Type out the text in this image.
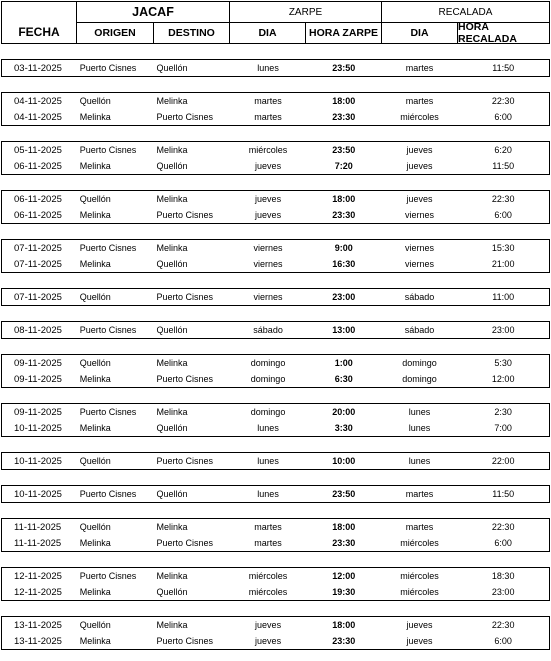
FECHA
JACAF	ZARPE	RECALADA
ORIGEN	DESTINO	DIA	HORA ZARPE	DIA	HORA RECALADA
03-11-2025	Puerto Cisnes	Quellón	lunes	23:50	martes	11:50
04-11-2025	Quellón	Melinka	martes	18:00	martes	22:30
04-11-2025	Melinka	Puerto Cisnes	martes	23:30	miércoles	6:00
05-11-2025	Puerto Cisnes	Melinka	miércoles	23:50	jueves	6:20
06-11-2025	Melinka	Quellón	jueves	7:20	jueves	11:50
06-11-2025	Quellón	Melinka	jueves	18:00	jueves	22:30
06-11-2025	Melinka	Puerto Cisnes	jueves	23:30	viernes	6:00
07-11-2025	Puerto Cisnes	Melinka	viernes	9:00	viernes	15:30
07-11-2025	Melinka	Quellón	viernes	16:30	viernes	21:00
07-11-2025	Quellón	Puerto Cisnes	viernes	23:00	sábado	11:00
08-11-2025	Puerto Cisnes	Quellón	sábado	13:00	sábado	23:00
09-11-2025	Quellón	Melinka	domingo	1:00	domingo	5:30
09-11-2025	Melinka	Puerto Cisnes	domingo	6:30	domingo	12:00
09-11-2025	Puerto Cisnes	Melinka	domingo	20:00	lunes	2:30
10-11-2025	Melinka	Quellón	lunes	3:30	lunes	7:00
10-11-2025	Quellón	Puerto Cisnes	lunes	10:00	lunes	22:00
10-11-2025	Puerto Cisnes	Quellón	lunes	23:50	martes	11:50
11-11-2025	Quellón	Melinka	martes	18:00	martes	22:30
11-11-2025	Melinka	Puerto Cisnes	martes	23:30	miércoles	6:00
12-11-2025	Puerto Cisnes	Melinka	miércoles	12:00	miércoles	18:30
12-11-2025	Melinka	Quellón	miércoles	19:30	miércoles	23:00
13-11-2025	Quellón	Melinka	jueves	18:00	jueves	22:30
13-11-2025	Melinka	Puerto Cisnes	jueves	23:30	jueves	6:00
